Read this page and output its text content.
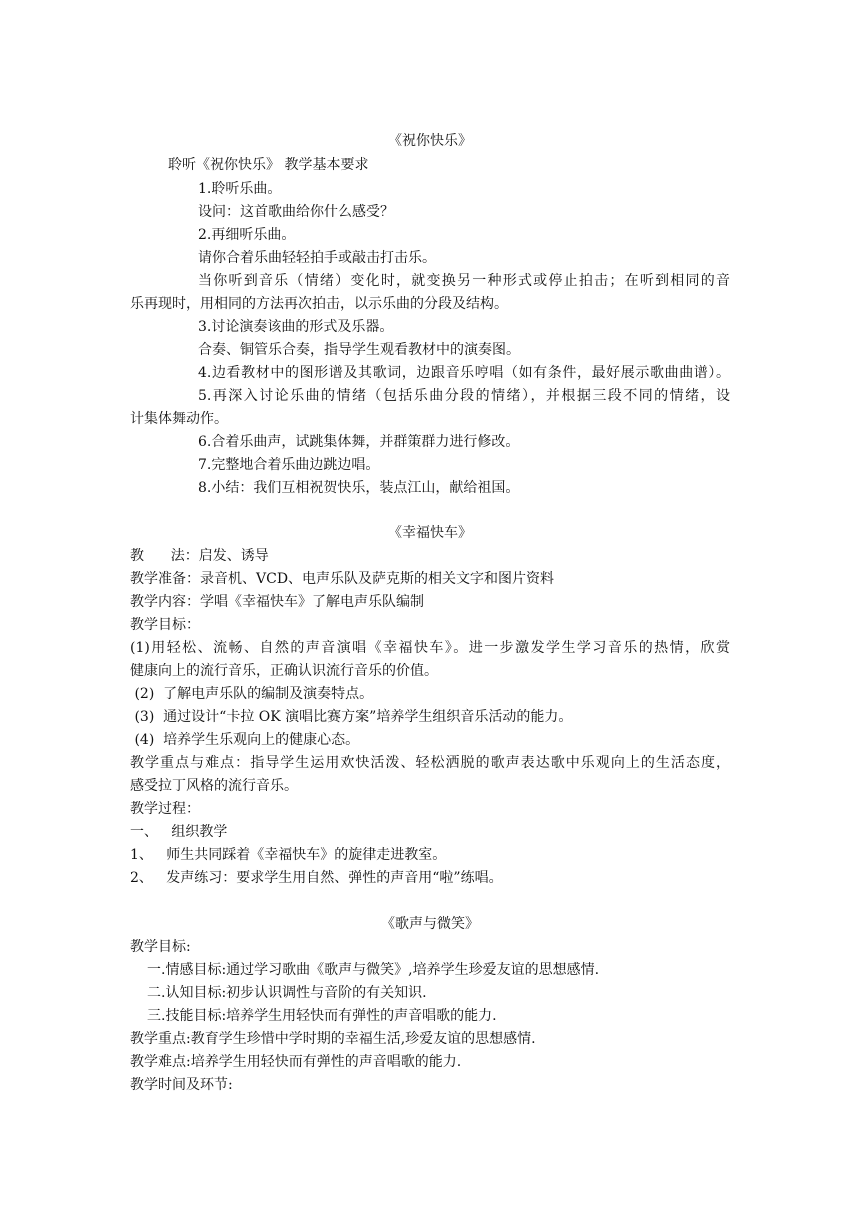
《祝你快乐》
聆听《祝你快乐》 教学基本要求
1.聆听乐曲。
设问：这首歌曲给你什么感受？
2.再细听乐曲。
请你合着乐曲轻轻拍手或敲击打击乐。
当你听到音乐（情绪）变化时，就变换另一种形式或停止拍击；在听到相同的音
乐再现时，用相同的方法再次拍击，以示乐曲的分段及结构。
3.讨论演奏该曲的形式及乐器。
合奏、铜管乐合奏，指导学生观看教材中的演奏图。
4.边看教材中的图形谱及其歌词，边跟音乐哼唱（如有条件，最好展示歌曲曲谱）。
5.再深入讨论乐曲的情绪（包括乐曲分段的情绪），并根据三段不同的情绪，设
计集体舞动作。
6.合着乐曲声，试跳集体舞，并群策群力进行修改。
7.完整地合着乐曲边跳边唱。
8.小结：我们互相祝贺快乐，装点江山，献给祖国。
《幸福快车》
教      法：启发、诱导
教学准备：录音机、VCD、电声乐队及萨克斯的相关文字和图片资料
教学内容：学唱《幸福快车》了解电声乐队编制
教学目标：
(1)用轻松、流畅、自然的声音演唱《幸福快车》。进一步激发学生学习音乐的热情，欣赏
健康向上的流行音乐，正确认识流行音乐的价值。
(2)  了解电声乐队的编制及演奏特点。
(3)  通过设计“卡拉 OK 演唱比赛方案”培养学生组织音乐活动的能力。
(4)  培养学生乐观向上的健康心态。
教学重点与难点：指导学生运用欢快活泼、轻松洒脱的歌声表达歌中乐观向上的生活态度，
感受拉丁风格的流行音乐。
教学过程：
一、   组织教学
1、   师生共同踩着《幸福快车》的旋律走进教室。
2、   发声练习：要求学生用自然、弹性的声音用“啦”练唱。
《歌声与微笑》
教学目标:
一.情感目标:通过学习歌曲《歌声与微笑》,培养学生珍爱友谊的思想感情.
二.认知目标:初步认识调性与音阶的有关知识.
三.技能目标:培养学生用轻快而有弹性的声音唱歌的能力.
教学重点:教育学生珍惜中学时期的幸福生活,珍爱友谊的思想感情.
教学难点:培养学生用轻快而有弹性的声音唱歌的能力.
教学时间及环节:
